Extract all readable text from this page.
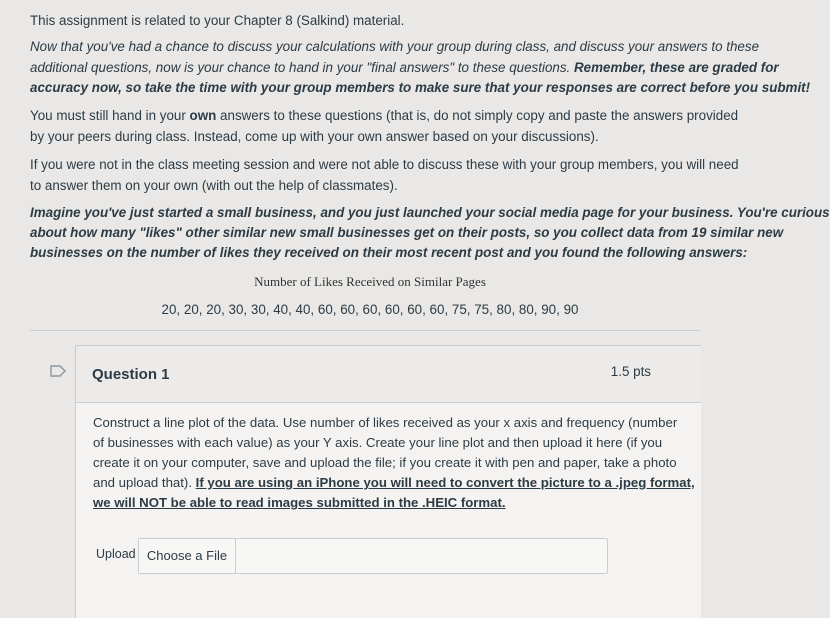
This assignment is related to your Chapter 8 (Salkind) material.

Now that you've had a chance to discuss your calculations with your group during class, and discuss your answers to these

additional questions, now is your chance to hand in your "final answers" to these questions. Remember, these are graded for

accuracy now, so take the time with your group members to make sure that your responses are correct before you submit!

You must still hand in your own answers to these questions (that is, do not simply copy and paste the answers provided

by your peers during class. Instead, come up with your own answer based on your discussions).

If you were not in the class meeting session and were not able to discuss these with your group members, you will need

to answer them on your own (with out the help of classmates).

Imagine you've just started a small business, and you just launched your social media page for your business. You're curious

about how many "likes" other similar new small businesses get on their posts, so you collect data from 19 similar new

businesses on the number of likes they received on their most recent post and you found the following answers:

Number of Likes Received on Similar Pages
20, 20, 20, 30, 30, 40, 40, 60, 60, 60, 60, 60, 60, 75, 75, 80, 80, 90, 90
Question 1	1.5 pts

Construct a line plot of the data. Use number of likes received as your x axis and frequency (number

of businesses with each value) as your Y axis. Create your line plot and then upload it here (if you

create it on your computer, save and upload the file; if you create it with pen and paper, take a photo

and upload that). If you are using an iPhone you will need to convert the picture to a .jpeg format,

we will NOT be able to read images submitted in the .HEIC format.

Upload Choose a File
